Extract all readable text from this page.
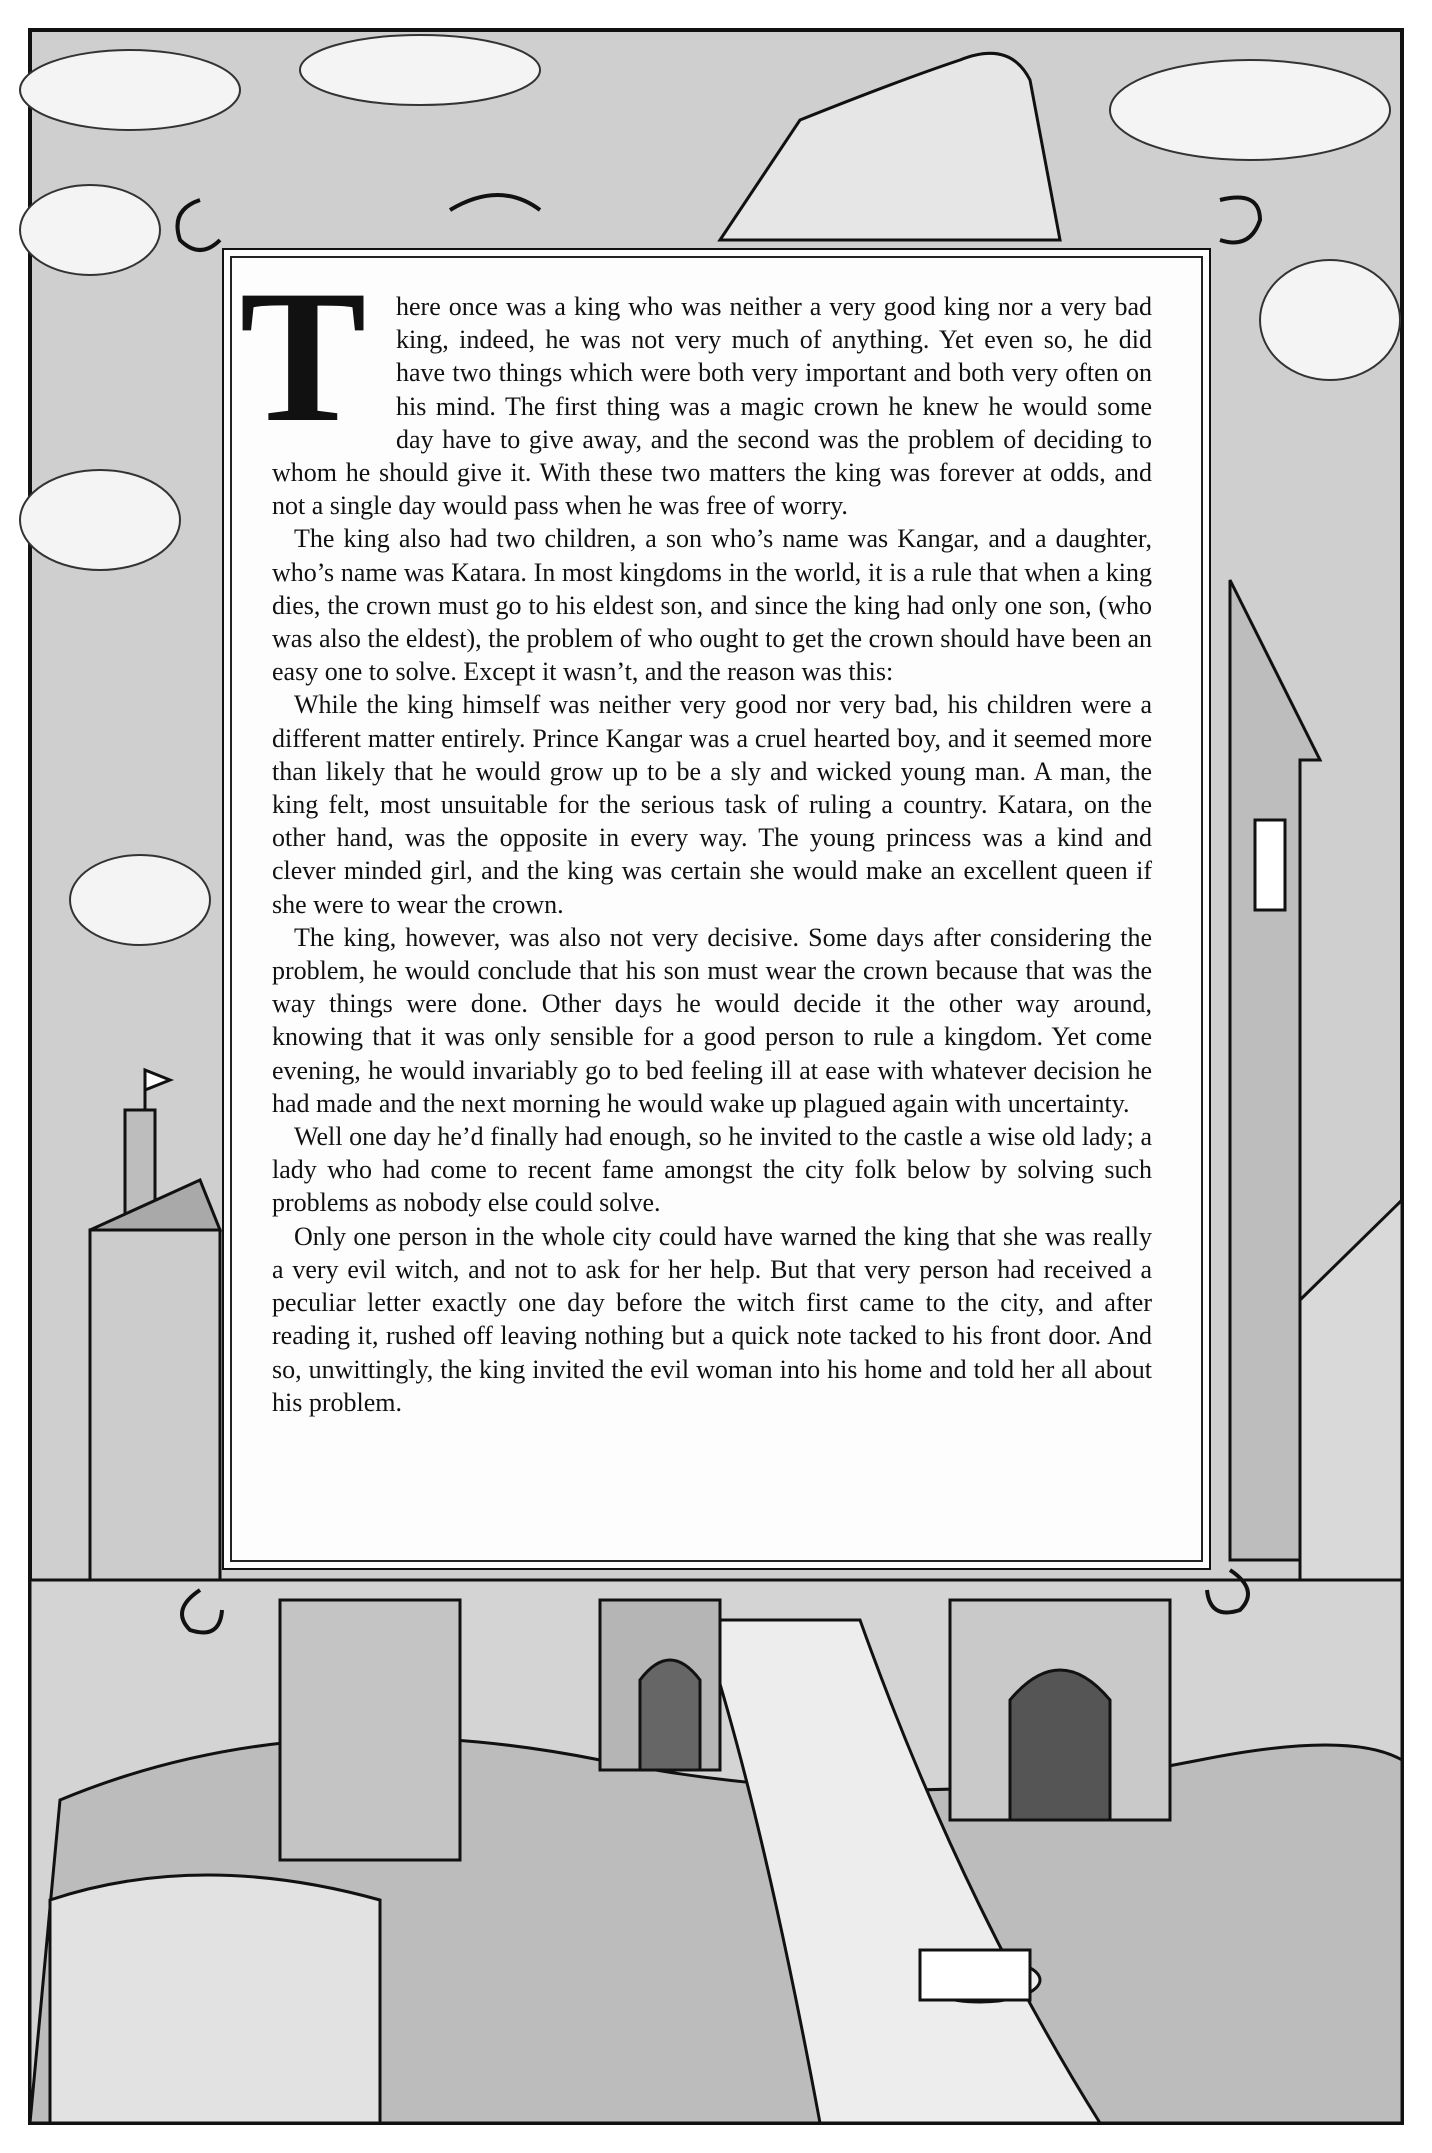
T	here once was a king who was neither a very good king nor a very bad king, indeed, he was not very much of anything. Yet even so, he did have two things which were both very important and both very often on his mind. The first thing was a magic crown he knew he would some day have to give away, and the second was the problem of deciding to whom he should give it. With these two matters the king was forever at odds, and not a single day would pass when he was free of worry.

The king also had two children, a son who’s name was Kangar, and a daughter, who’s name was Katara. In most kingdoms in the world, it is a rule that when a king dies, the crown must go to his eldest son, and since the king had only one son, (who was also the eldest), the problem of who ought to get the crown should have been an easy one to solve. Except it wasn’t, and the reason was this:

While the king himself was neither very good nor very bad, his children were a different matter entirely. Prince Kangar was a cruel hearted boy, and it seemed more than likely that he would grow up to be a sly and wicked young man. A man, the king felt, most unsuitable for the serious task of ruling a country. Katara, on the other hand, was the opposite in every way. The young princess was a kind and clever minded girl, and the king was certain she would make an excellent queen if she were to wear the crown.

The king, however, was also not very decisive. Some days after considering the problem, he would conclude that his son must wear the crown because that was the way things were done. Other days he would decide it the other way around, knowing that it was only sensible for a good person to rule a kingdom. Yet come evening, he would invariably go to bed feeling ill at ease with whatever decision he had made and the next morning he would wake up plagued again with uncertainty.

Well one day he’d finally had enough, so he invited to the castle a wise old lady; a lady who had come to recent fame amongst the city folk below by solving such problems as nobody else could solve.

Only one person in the whole city could have warned the king that she was really a very evil witch, and not to ask for her help. But that very person had received a peculiar letter exactly one day before the witch first came to the city, and after reading it, rushed off leaving nothing but a quick note tacked to his front door. And so, unwittingly, the king invited the evil woman into his home and told her all about his problem.
